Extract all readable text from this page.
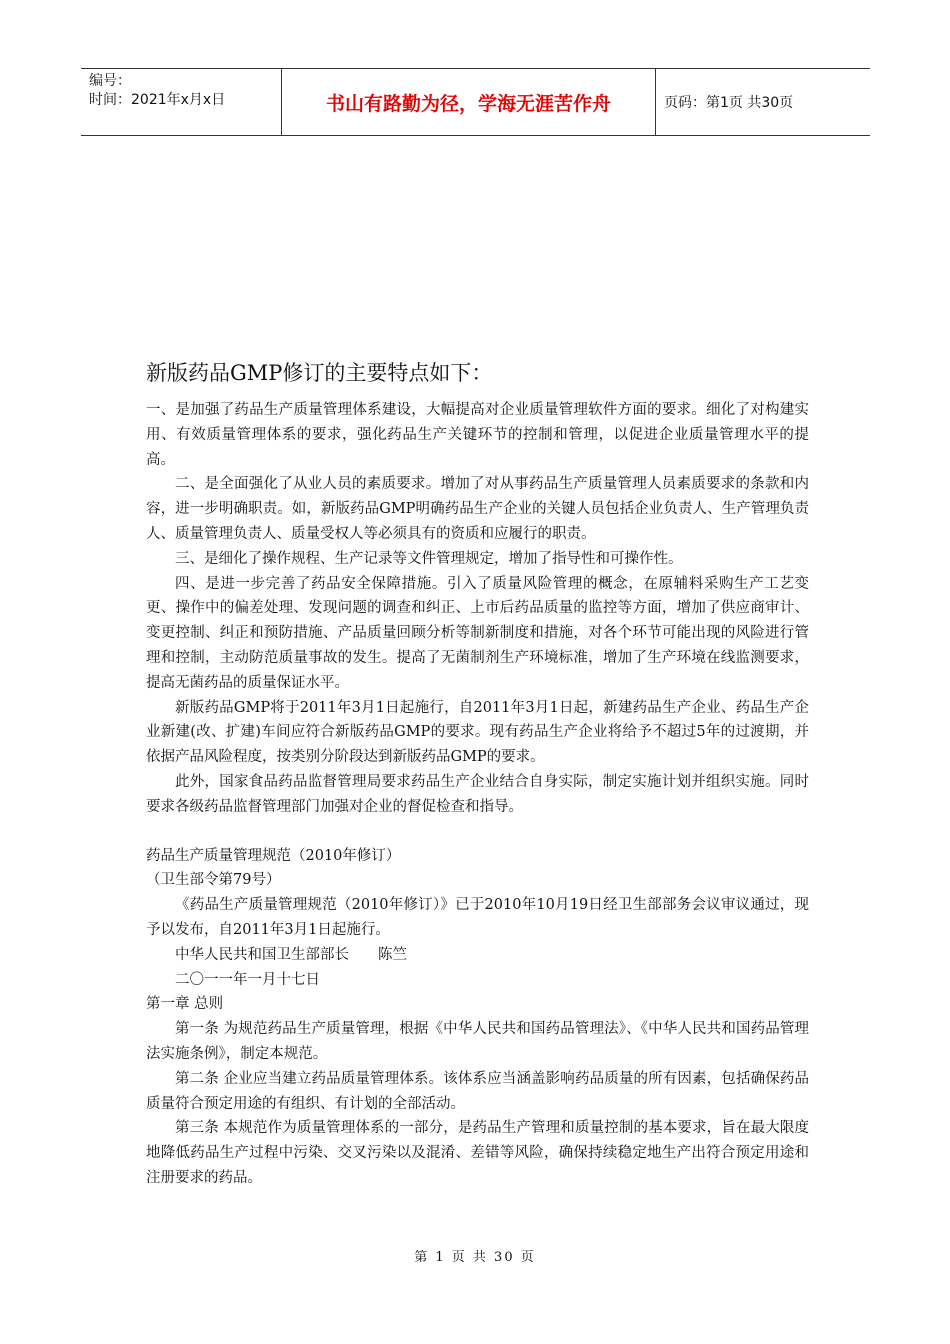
编号：
时间：2021年x月x日	书山有路勤为径，学海无涯苦作舟	页码：第1页 共30页
新版药品GMP修订的主要特点如下：

一、是加强了药品生产质量管理体系建设，大幅提高对企业质量管理软件方面的要求。细化了对构建实用、有效质量管理体系的要求，强化药品生产关键环节的控制和管理，以促进企业质量管理水平的提高。

二、是全面强化了从业人员的素质要求。增加了对从事药品生产质量管理人员素质要求的条款和内容，进一步明确职责。如，新版药品GMP明确药品生产企业的关键人员包括企业负责人、生产管理负责人、质量管理负责人、质量受权人等必须具有的资质和应履行的职责。

三、是细化了操作规程、生产记录等文件管理规定，增加了指导性和可操作性。

四、是进一步完善了药品安全保障措施。引入了质量风险管理的概念，在原辅料采购生产工艺变更、操作中的偏差处理、发现问题的调查和纠正、上市后药品质量的监控等方面，增加了供应商审计、变更控制、纠正和预防措施、产品质量回顾分析等制新制度和措施，对各个环节可能出现的风险进行管理和控制，主动防范质量事故的发生。提高了无菌制剂生产环境标准，增加了生产环境在线监测要求，提高无菌药品的质量保证水平。

新版药品GMP将于2011年3月1日起施行，自2011年3月1日起，新建药品生产企业、药品生产企业新建(改、扩建)车间应符合新版药品GMP的要求。现有药品生产企业将给予不超过5年的过渡期，并依据产品风险程度，按类别分阶段达到新版药品GMP的要求。

此外，国家食品药品监督管理局要求药品生产企业结合自身实际，制定实施计划并组织实施。同时要求各级药品监督管理部门加强对企业的督促检查和指导。

药品生产质量管理规范（2010年修订）

（卫生部令第79号）

《药品生产质量管理规范（2010年修订）》已于2010年10月19日经卫生部部务会议审议通过，现予以发布，自2011年3月1日起施行。

中华人民共和国卫生部部长　　陈竺

二〇一一年一月十七日

第一章 总则

第一条 为规范药品生产质量管理，根据《中华人民共和国药品管理法》、《中华人民共和国药品管理法实施条例》，制定本规范。

第二条 企业应当建立药品质量管理体系。该体系应当涵盖影响药品质量的所有因素，包括确保药品质量符合预定用途的有组织、有计划的全部活动。

第三条 本规范作为质量管理体系的一部分，是药品生产管理和质量控制的基本要求，旨在最大限度地降低药品生产过程中污染、交叉污染以及混淆、差错等风险，确保持续稳定地生产出符合预定用途和注册要求的药品。

第 1 页 共 30 页
